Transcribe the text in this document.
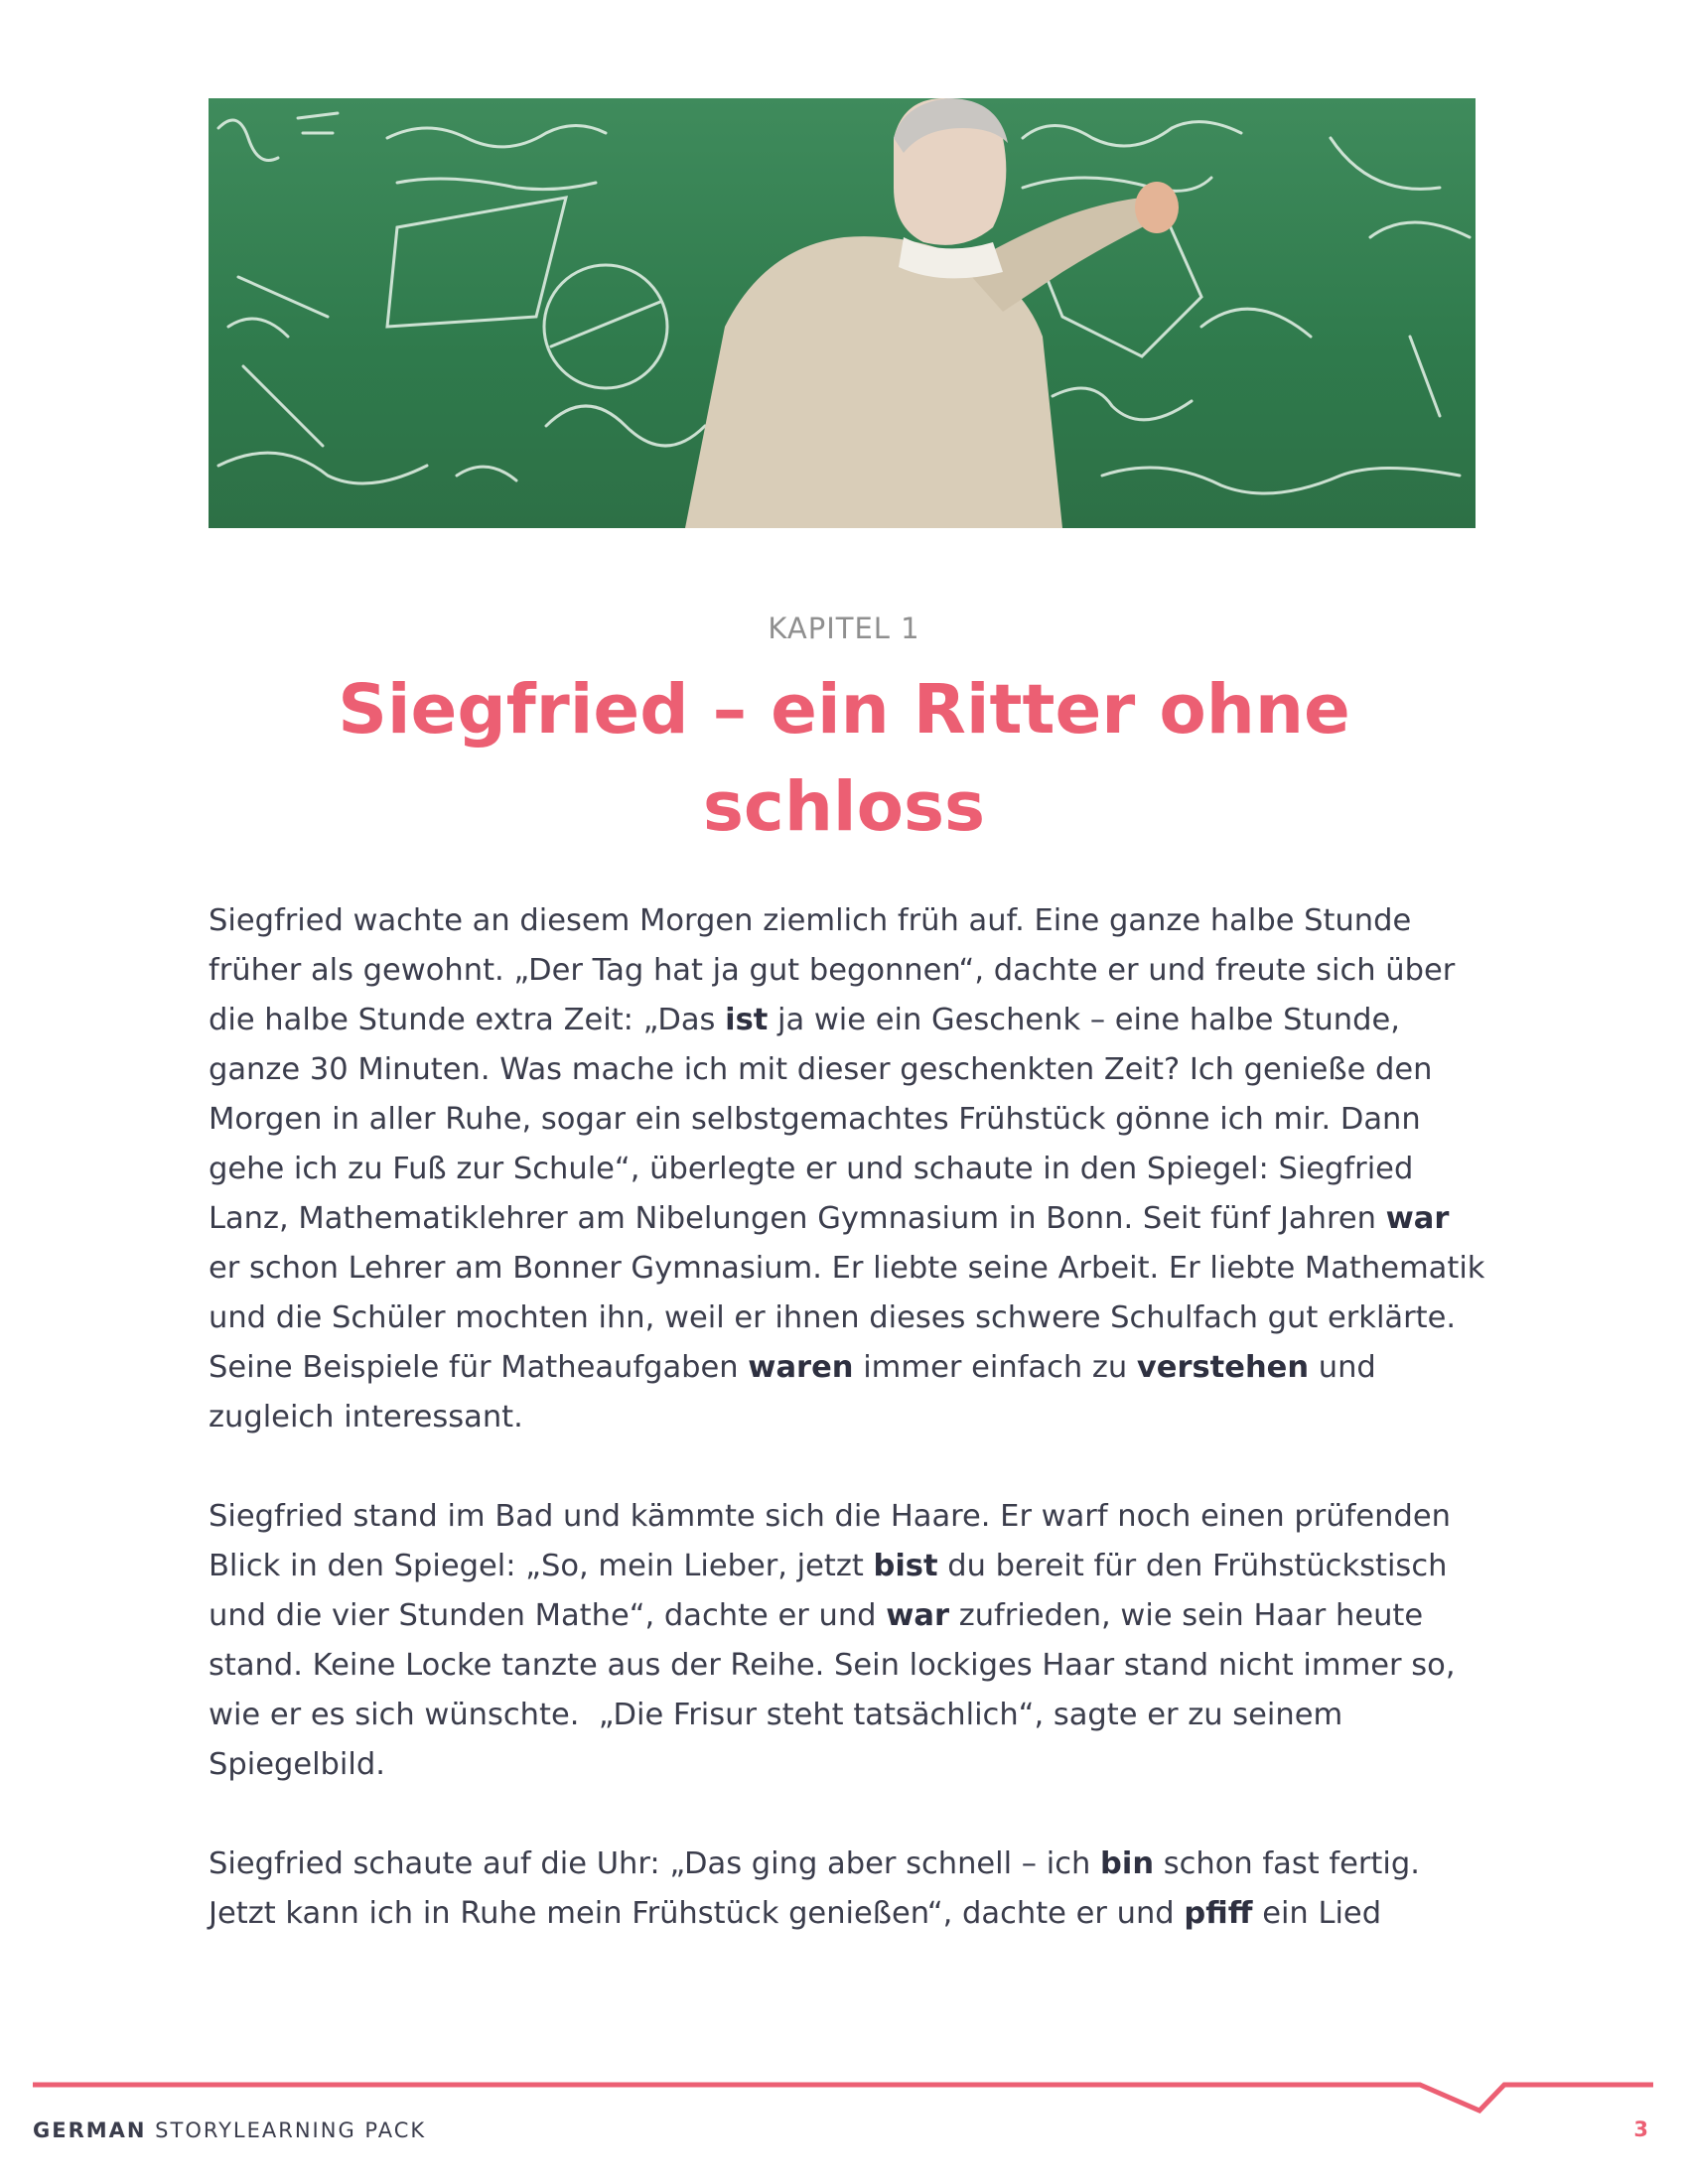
KAPITEL 1
Siegfried – ein Ritter ohne schloss

Siegfried wachte an diesem Morgen ziemlich früh auf. Eine ganze halbe Stunde früher als gewohnt. „Der Tag hat ja gut begonnen“, dachte er und freute sich über die halbe Stunde extra Zeit: „Das ist ja wie ein Geschenk – eine halbe Stunde, ganze 30 Minuten. Was mache ich mit dieser geschenkten Zeit? Ich genieße den Morgen in aller Ruhe, sogar ein selbstgemachtes Frühstück gönne ich mir. Dann gehe ich zu Fuß zur Schule“, überlegte er und schaute in den Spiegel: Siegfried Lanz, Mathematiklehrer am Nibelungen Gymnasium in Bonn. Seit fünf Jahren war er schon Lehrer am Bonner Gymnasium. Er liebte seine Arbeit. Er liebte Mathematik und die Schüler mochten ihn, weil er ihnen dieses schwere Schulfach gut erklärte. Seine Beispiele für Matheaufgaben waren immer einfach zu verstehen und zugleich interessant.

Siegfried stand im Bad und kämmte sich die Haare. Er warf noch einen prüfenden Blick in den Spiegel: „So, mein Lieber, jetzt bist du bereit für den Frühstückstisch und die vier Stunden Mathe“, dachte er und war zufrieden, wie sein Haar heute stand. Keine Locke tanzte aus der Reihe. Sein lockiges Haar stand nicht immer so, wie er es sich wünschte.  „Die Frisur steht tatsächlich“, sagte er zu seinem Spiegelbild.

Siegfried schaute auf die Uhr: „Das ging aber schnell – ich bin schon fast fertig. Jetzt kann ich in Ruhe mein Frühstück genießen“, dachte er und pfiff ein Lied

GERMAN STORYLEARNING PACK	3
